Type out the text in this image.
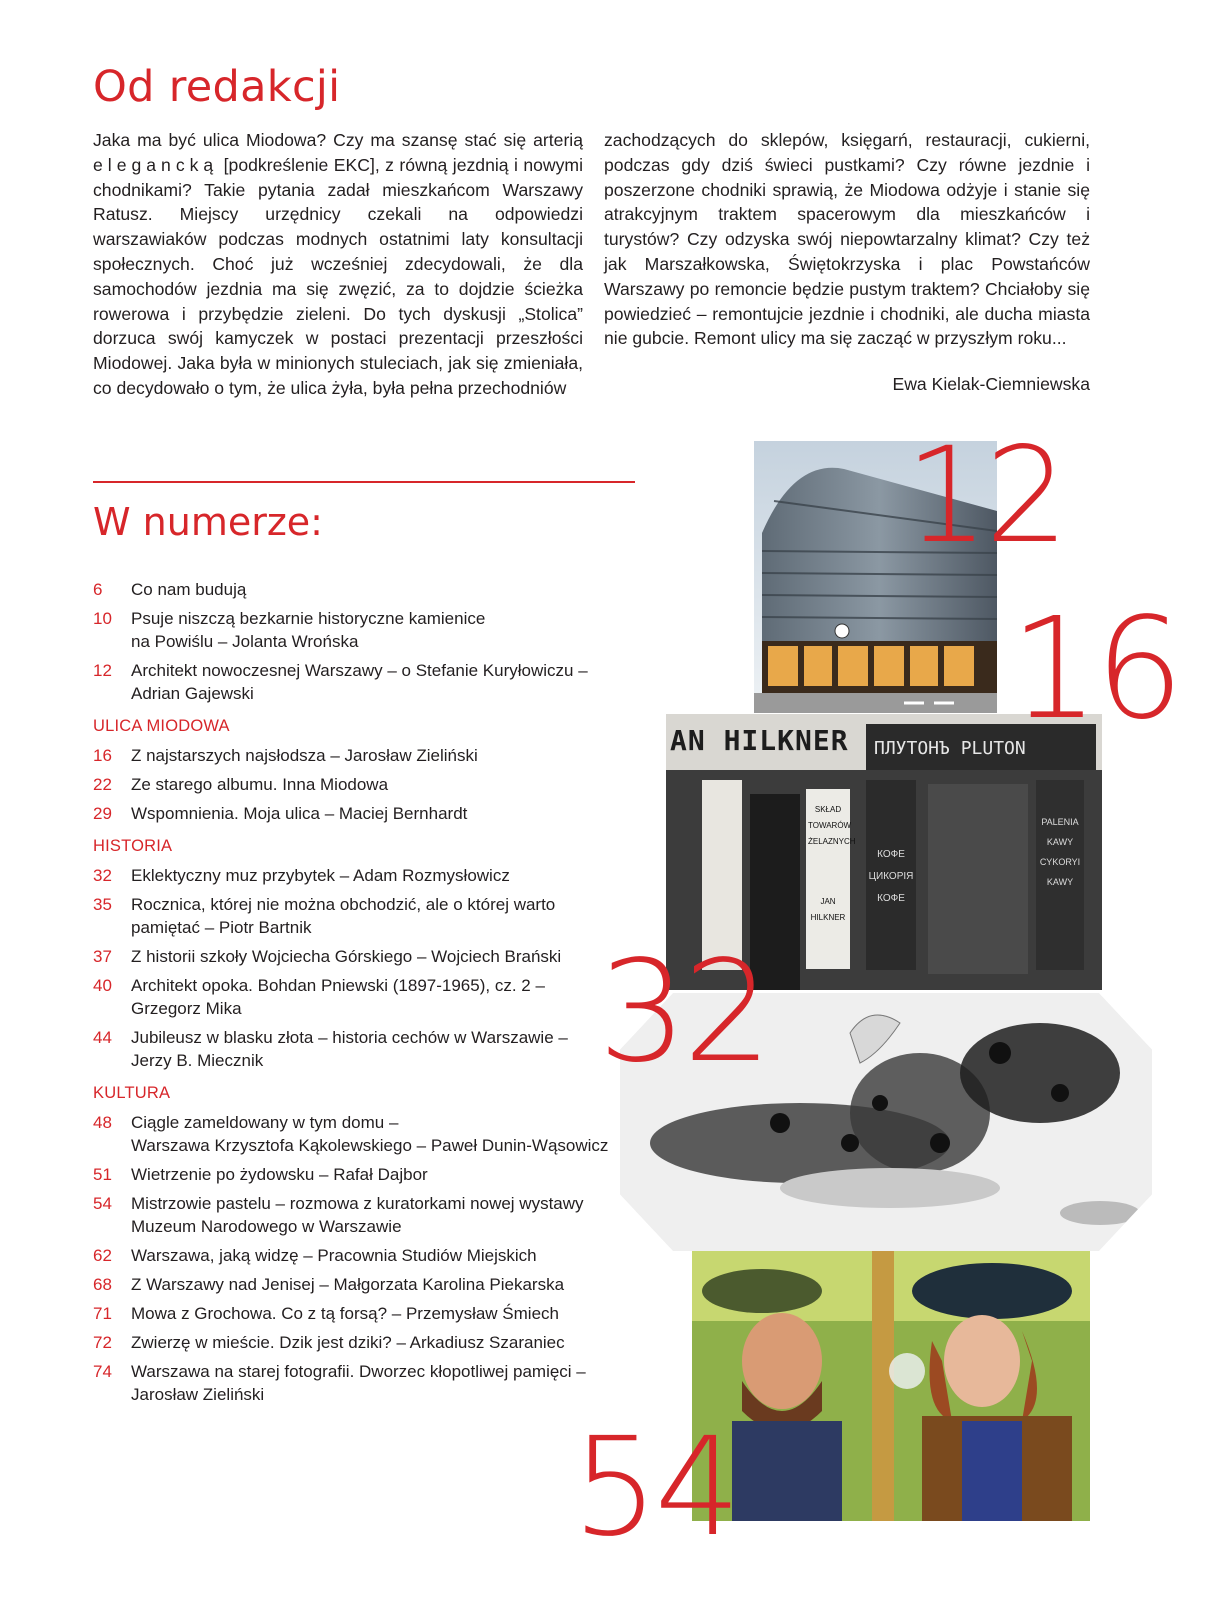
Od redakcji

Jaka ma być ulica Miodowa? Czy ma szansę stać się arterią elegancką [podkreślenie EKC], z równą jezdnią i nowymi chodnikami? Takie pytania zadał mieszkańcom Warszawy Ratusz. Miejscy urzędnicy czekali na odpowiedzi warszawiaków podczas modnych ostatnimi laty konsultacji społecznych. Choć już wcześniej zdecydowali, że dla samochodów jezdnia ma się zwęzić, za to dojdzie ścieżka rowerowa i przybędzie zieleni. Do tych dyskusji „Stolica” dorzuca swój kamyczek w postaci prezentacji przeszłości Miodowej. Jaka była w minionych stuleciach, jak się zmieniała, co decydowało o tym, że ulica żyła, była pełna przechodniów

zachodzących do sklepów, księgarń, restauracji, cukierni, podczas gdy dziś świeci pustkami? Czy równe jezdnie i poszerzone chodniki sprawią, że Miodowa odżyje i stanie się atrakcyjnym traktem spacerowym dla mieszkańców i turystów? Czy odzyska swój niepowtarzalny klimat? Czy też jak Marszałkowska, Świętokrzyska i plac Powstańców Warszawy po remoncie będzie pustym traktem? Chciałoby się powiedzieć – remontujcie jezdnie i chodniki, ale ducha miasta nie gubcie. Remont ulicy ma się zacząć w przyszłym roku...

Ewa Kielak-Ciemniewska
W numerze:
6	Co nam budują
10	Psuje niszczą bezkarnie historyczne kamienice
na Powiślu – Jolanta Wrońska
12	Architekt nowoczesnej Warszawy – o Stefanie Kuryłowiczu –
Adrian Gajewski
ULICA MIODOWA
16	Z najstarszych najsłodsza – Jarosław Zieliński
22	Ze starego albumu. Inna Miodowa
29	Wspomnienia. Moja ulica – Maciej Bernhardt
HISTORIA
32	Eklektyczny muz przybytek – Adam Rozmysłowicz
35	Rocznica, której nie można obchodzić, ale o której warto
pamiętać – Piotr Bartnik
37	Z historii szkoły Wojciecha Górskiego – Wojciech Brański
40	Architekt opoka. Bohdan Pniewski (1897-1965), cz. 2 –
Grzegorz Mika
44	Jubileusz w blasku złota – historia cechów w Warszawie –
Jerzy B. Miecznik
KULTURA
48	Ciągle zameldowany w tym domu –
Warszawa Krzysztofa Kąkolewskiego – Paweł Dunin-Wąsowicz
51	Wietrzenie po żydowsku – Rafał Dajbor
54	Mistrzowie pastelu – rozmowa z kuratorkami nowej wystawy
Muzeum Narodowego w Warszawie
62	Warszawa, jaką widzę – Pracownia Studiów Miejskich
68	Z Warszawy nad Jenisej – Małgorzata Karolina Piekarska
71	Mowa z Grochowa. Co z tą forsą? – Przemysław Śmiech
72	Zwierzę w mieście. Dzik jest dziki? – Arkadiusz Szaraniec
74	Warszawa na starej fotografii. Dworzec kłopotliwej pamięci –
Jarosław Zieliński
12
AN HILKNER ПЛУТОНЪ PLUTON
SKŁAD
TOWARÓW
ŻELAZNYCH
JAN HILKNER
КОФЕ
ЦИКОРІЯ
КОФЕ
PALENIA
KAWY
CYKORYI
KAWY
16
32
54
